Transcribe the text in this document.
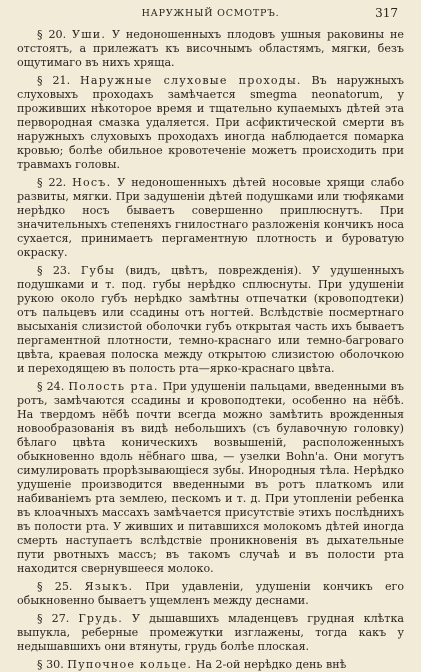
НАРУЖНЫЙ ОСМОТРЪ.	317

§ 20. Уши. У недоношенныхъ плодовъ ушныя раковины не отстоятъ, а прилежатъ къ височнымъ областямъ, мягки, безъ ощутимаго въ нихъ хряща.

§ 21. Наружные слуховые проходы. Въ наружныхъ слуховыхъ проходахъ замѣчается smegma neonatorum, у проживших нѣкоторое время и тщательно купаемыхъ дѣтей эта первородная смазка удаляется. При асфиктической смерти въ наружныхъ слуховыхъ проходахъ иногда наблюдается помарка кровью; болѣе обильное кровотеченіе можетъ происходить при травмахъ головы.

§ 22. Носъ. У недоношенныхъ дѣтей носовые хрящи слабо развиты, мягки. При задушеніи дѣтей подушками или тюфяками нерѣдко носъ бываетъ совершенно приплюснутъ. При значительныхъ степеняхъ гнилостнаго разложенія кончикъ носа сухается, принимаетъ пергаментную плотность и буроватую окраску.

§ 23. Губы (видъ, цвѣтъ, поврежденія). У удушенныхъ подушками и т. под. губы нерѣдко сплюснуты. При удушеніи рукою около губъ нерѣдко замѣтны отпечатки (кровоподтеки) отъ пальцевъ или ссадины отъ ногтей. Вслѣдствіе посмертнаго высыханія слизистой оболочки губъ открытая часть ихъ бываетъ пергаментной плотности, темно-краснаго или темно-багроваго цвѣта, краевая полоска между открытою слизистою оболочкою и переходящею въ полость рта—ярко-краснаго цвѣта.

§ 24. Полость рта. При удушеніи пальцами, введенными въ ротъ, замѣчаются ссадины и кровоподтеки, особенно на нёбѣ. На твердомъ нёбѣ почти всегда можно замѣтить врожденныя новообразованія въ видѣ небольшихъ (съ булавочную головку) бѣлаго цвѣта коническихъ возвышеній, расположенныхъ обыкновенно вдоль нёбнаго шва, — узелки Bohn'a. Они могутъ симулировать прорѣзывающіеся зубы. Инородныя тѣла. Нерѣдко удушеніе производится введенными въ ротъ платкомъ или набиваніемъ рта землею, пескомъ и т. д. При утопленіи ребенка въ клоачныхъ массахъ замѣчается присутствіе этихъ послѣднихъ въ полости рта. У живших и питавшихся молокомъ дѣтей иногда смерть наступаетъ вслѣдствіе проникновенія въ дыхательные пути рвотныхъ массъ; въ такомъ случаѣ и въ полости рта находится свернувшееся молоко.

§ 25. Языкъ. При удавленіи, удушеніи кончикъ его обыкновенно бываетъ ущемленъ между деснами.

§ 27. Грудь. У дышавшихъ младенцевъ грудная клѣтка выпукла, реберные промежутки изглажены, тогда какъ у недышавшихъ они втянуты, грудь болѣе плоская.

§ 30. Пупочное кольце. На 2-ой нерѣдко день внѣ
